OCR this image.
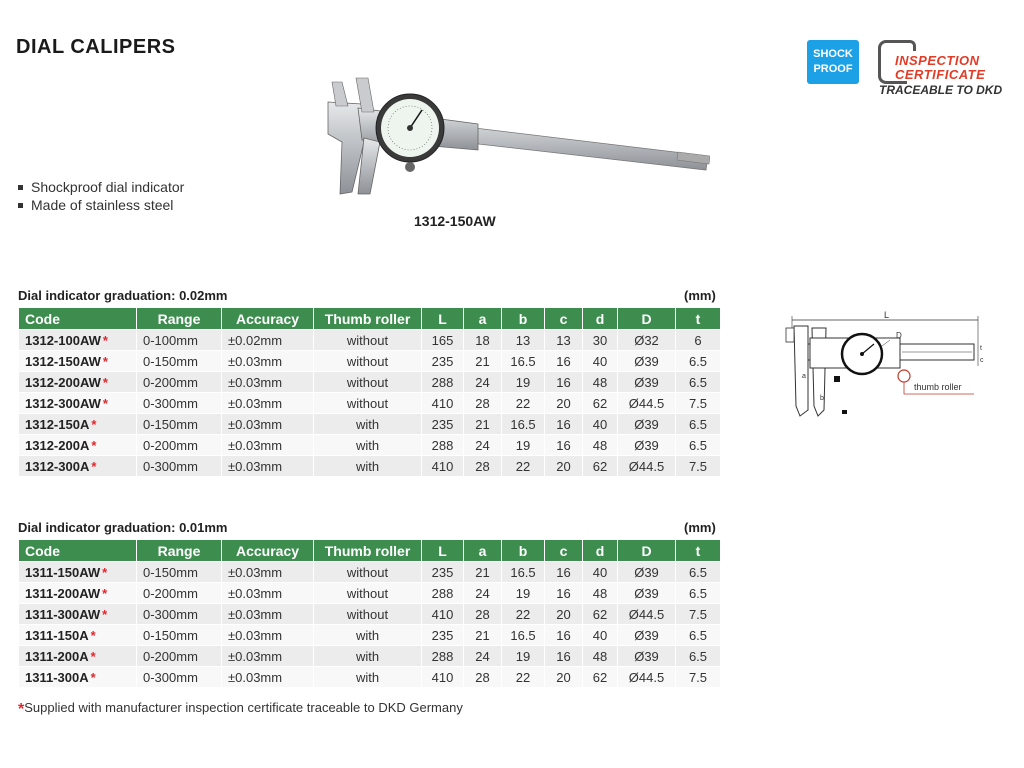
DIAL CALIPERS
Shockproof dial indicator
Made of stainless steel
1312-150AW
SHOCK
PROOF
INSPECTION
CERTIFICATE
TRACEABLE TO DKD
L
D
thumb roller
t
c
a
b
Dial indicator graduation: 0.02mm	(mm)
Code	Range	Accuracy	Thumb roller	L	a	b	c	d	D	t
1312-100AW *	0-100mm	±0.02mm	without	165	18	13	13	30	Ø32	6
1312-150AW *	0-150mm	±0.03mm	without	235	21	16.5	16	40	Ø39	6.5
1312-200AW *	0-200mm	±0.03mm	without	288	24	19	16	48	Ø39	6.5
1312-300AW *	0-300mm	±0.03mm	without	410	28	22	20	62	Ø44.5	7.5
1312-150A *	0-150mm	±0.03mm	with	235	21	16.5	16	40	Ø39	6.5
1312-200A *	0-200mm	±0.03mm	with	288	24	19	16	48	Ø39	6.5
1312-300A *	0-300mm	±0.03mm	with	410	28	22	20	62	Ø44.5	7.5
Dial indicator graduation: 0.01mm	(mm)
Code	Range	Accuracy	Thumb roller	L	a	b	c	d	D	t
1311-150AW *	0-150mm	±0.03mm	without	235	21	16.5	16	40	Ø39	6.5
1311-200AW *	0-200mm	±0.03mm	without	288	24	19	16	48	Ø39	6.5
1311-300AW *	0-300mm	±0.03mm	without	410	28	22	20	62	Ø44.5	7.5
1311-150A *	0-150mm	±0.03mm	with	235	21	16.5	16	40	Ø39	6.5
1311-200A *	0-200mm	±0.03mm	with	288	24	19	16	48	Ø39	6.5
1311-300A *	0-300mm	±0.03mm	with	410	28	22	20	62	Ø44.5	7.5
*Supplied with manufacturer inspection certificate traceable to DKD Germany
